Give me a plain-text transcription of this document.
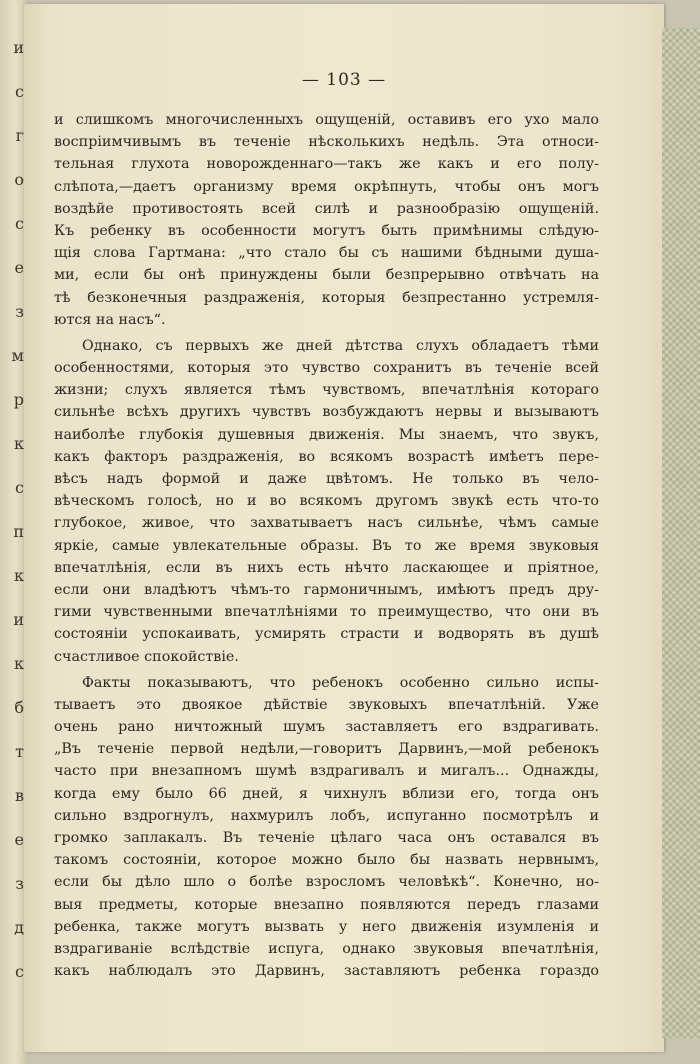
и
с
г
о
с
e
з
м
р
к
с
п
к
и
к
б
т
в
е
з
д
с
— 103 —
и слишкомъ многочисленныхъ ощущеній, оставивъ его ухо мало
воспріимчивымъ въ теченіе нѣсколькихъ недѣль. Эта относи-
тельная глухота новорожденнаго—такъ же какъ и его полу-
слѣпота,—даетъ организму время окрѣпнуть, чтобы онъ могъ
воздѣйе противостоять всей силѣ и разнообразію ощущеній.
Къ ребенку въ особенности могутъ быть примѣнимы слѣдую-
щія слова Гартмана: „что стало бы съ нашими бѣдными душа-
ми, если бы онѣ принуждены были безпрерывно отвѣчать на
тѣ безконечныя раздраженія, которыя безпрестанно устремля-
ются на насъ“.
Однако, съ первыхъ же дней дѣтства слухъ обладаетъ тѣми
особенностями, которыя это чувство сохранитъ въ теченіе всей
жизни; слухъ является тѣмъ чувствомъ, впечатлѣнія котораго
сильнѣе всѣхъ другихъ чувствъ возбуждаютъ нервы и вызываютъ
наиболѣе глубокія душевныя движенія. Мы знаемъ, что звукъ,
какъ факторъ раздраженія, во всякомъ возрастѣ имѣетъ пере-
вѣсъ надъ формой и даже цвѣтомъ. Не только въ чело-
вѣческомъ голосѣ, но и во всякомъ другомъ звукѣ есть что-то
глубокое, живое, что захватываетъ насъ сильнѣе, чѣмъ самые
яркіе, самые увлекательные образы. Въ то же время звуковыя
впечатлѣнія, если въ нихъ есть нѣчто ласкающее и пріятное,
если они владѣютъ чѣмъ-то гармоничнымъ, имѣютъ предъ дру-
гими чувственными впечатлѣніями то преимущество, что они въ
состояніи успокаивать, усмирять страсти и водворять въ душѣ
счастливое спокойствіе.
Факты показываютъ, что ребенокъ особенно сильно испы-
тываетъ это двоякое дѣйствіе звуковыхъ впечатлѣній. Уже
очень рано ничтожный шумъ заставляетъ его вздрагивать.
„Въ теченіе первой недѣли,—говоритъ Дарвинъ,—мой ребенокъ
часто при внезапномъ шумѣ вздрагивалъ и мигалъ... Однажды,
когда ему было 66 дней, я чихнулъ вблизи его, тогда онъ
сильно вздрогнулъ, нахмурилъ лобъ, испуганно посмотрѣлъ и
громко заплакалъ. Въ теченіе цѣлаго часа онъ оставался въ
такомъ состояніи, которое можно было бы назвать нервнымъ,
если бы дѣло шло о болѣе взросломъ человѣкѣ“. Конечно, но-
выя предметы, которые внезапно появляются передъ глазами
ребенка, также могутъ вызвать у него движенія изумленія и
вздрагиваніе вслѣдствіе испуга, однако звуковыя впечатлѣнія,
какъ наблюдалъ это Дарвинъ, заставляютъ ребенка гораздо
